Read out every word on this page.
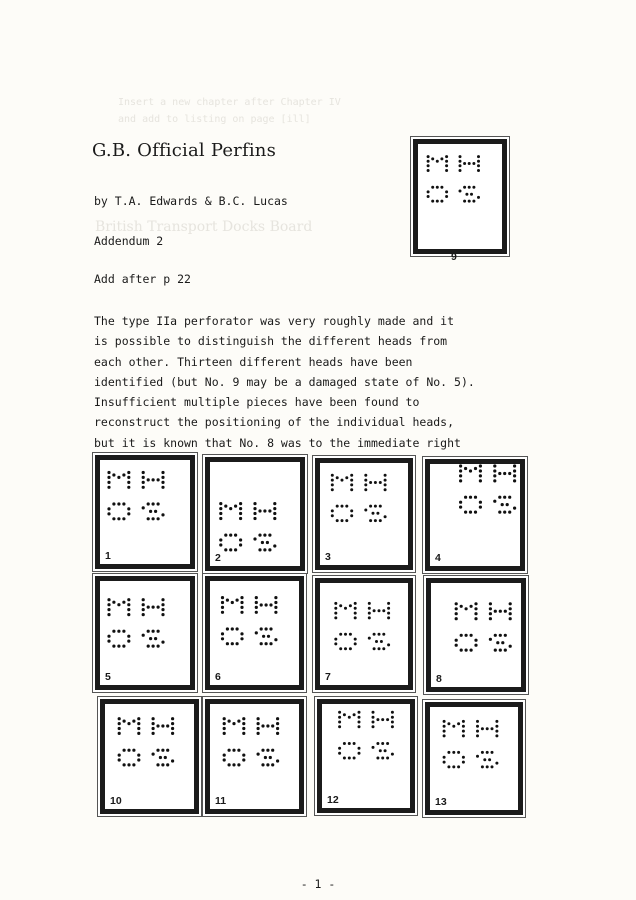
Insert a new chapter after Chapter IV
and add to listing on page [ill]
British Transport Docks Board
G.B. Official Perfins
by T.A. Edwards & B.C. Lucas
Addendum 2
Add after p 22
The type IIa perforator was very roughly made and it
is possible to distinguish the different heads from
each other. Thirteen different heads have been
identified (but No. 9 may be a damaged state of No. 5).
Insufficient multiple pieces have been found to
reconstruct the positioning of the individual heads,
but it is known that No. 8 was to the immediate right
9
1	2	3	4
5	6	7	8
10	11	12	13
- 1 -
